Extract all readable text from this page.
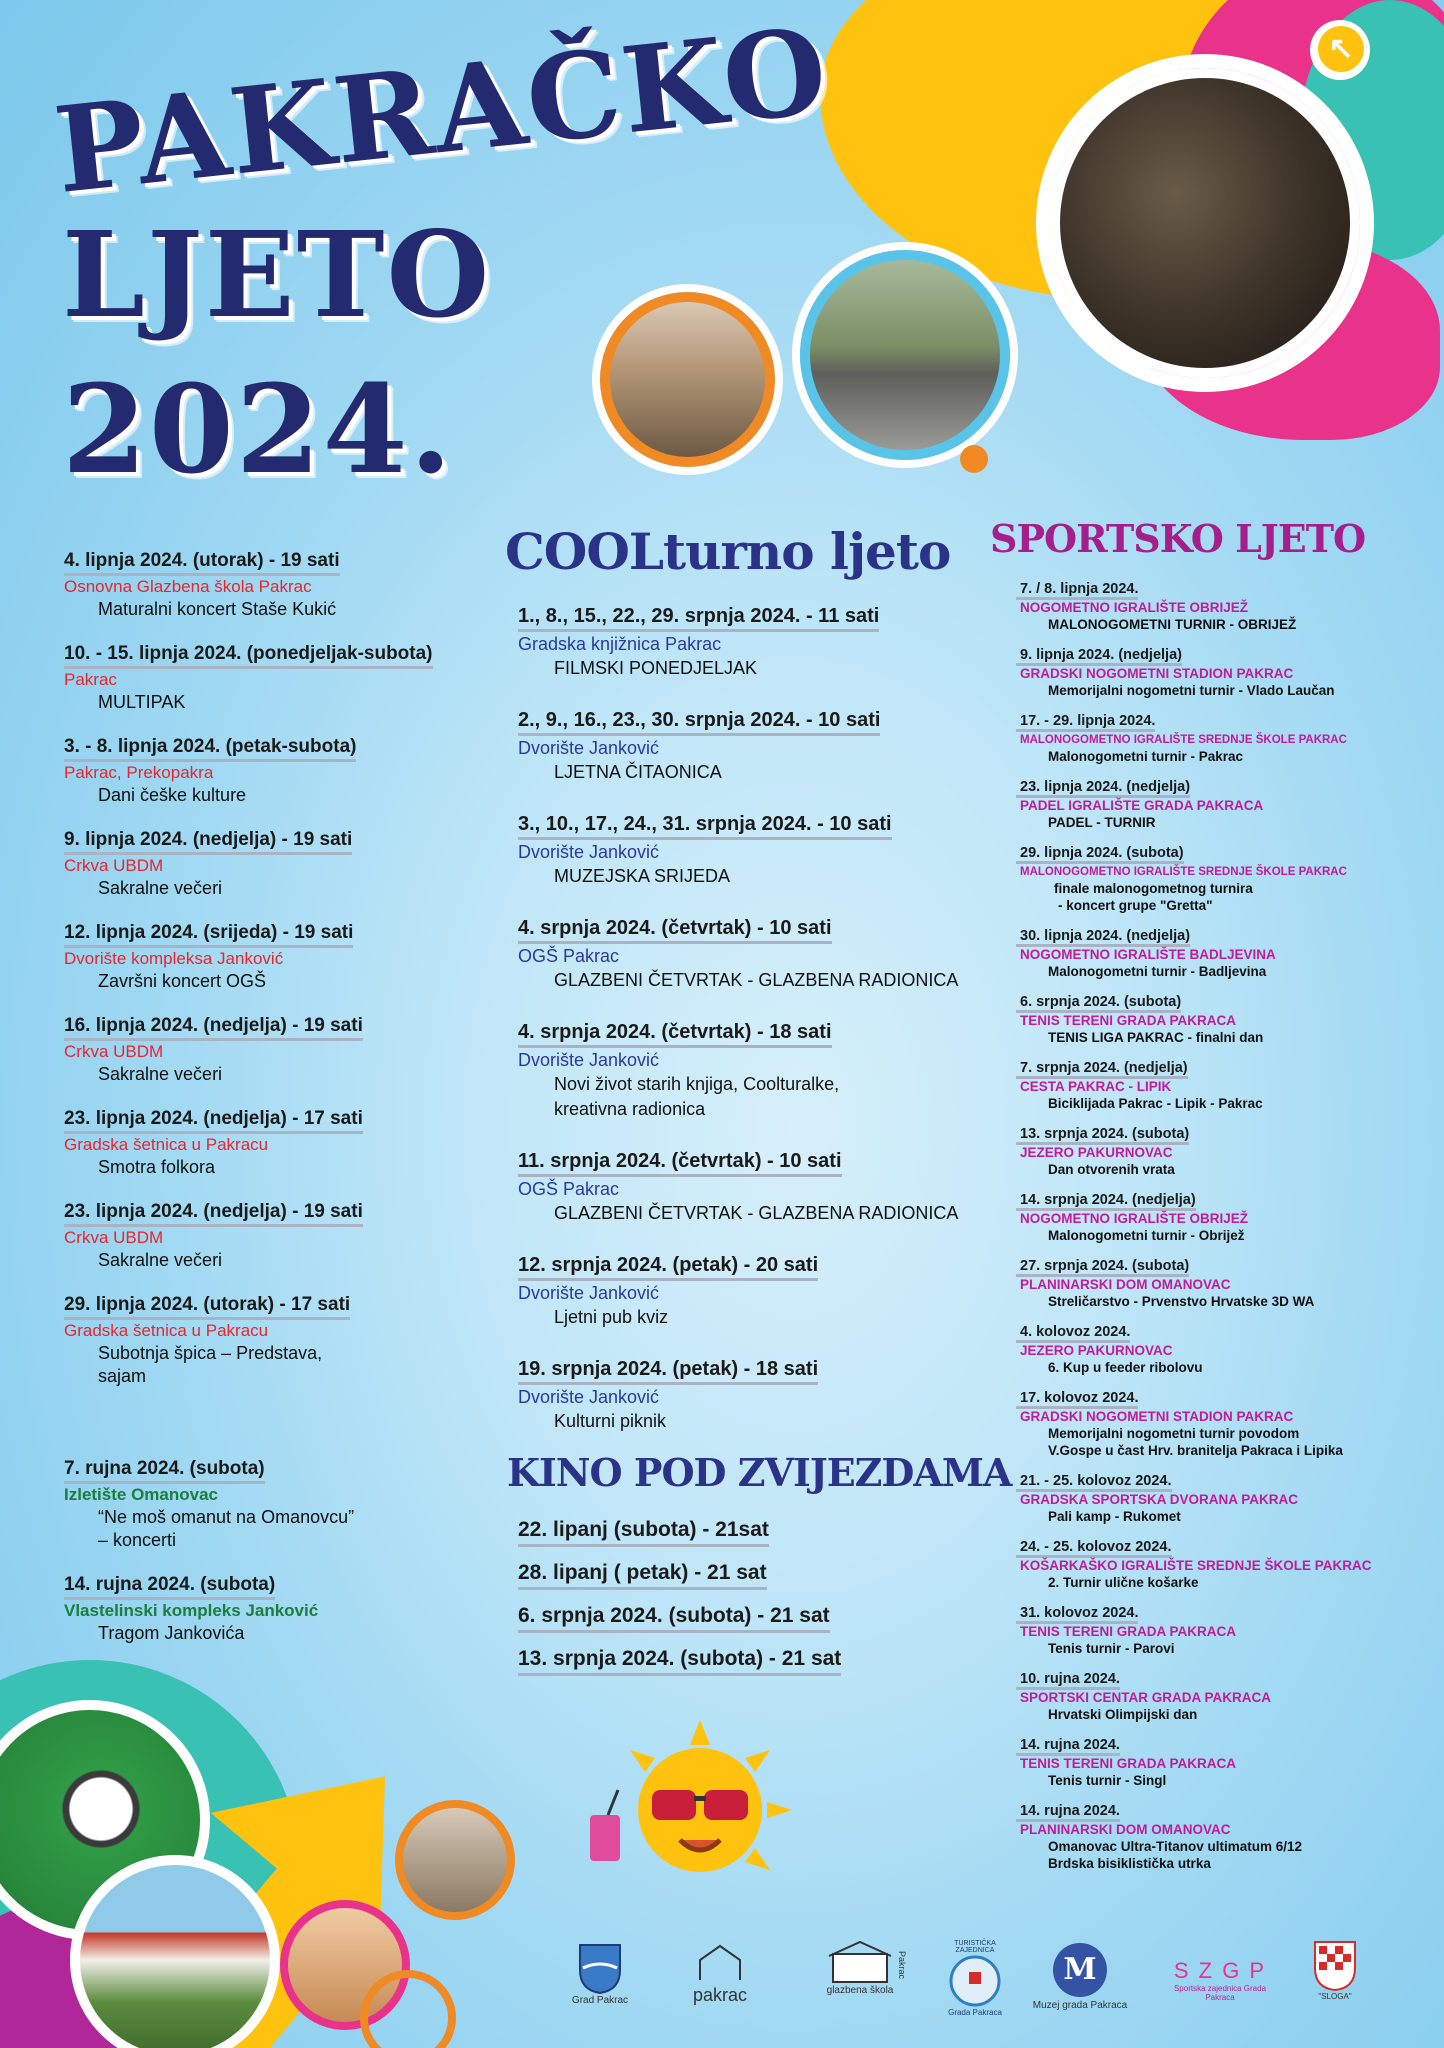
↖
PAKRAČKO
LJETO
2024.
4. lipnja 2024. (utorak) - 19 sati
Osnovna Glazbena škola Pakrac
Maturalni koncert Staše Kukić
10. - 15. lipnja 2024. (ponedjeljak-subota)
Pakrac
MULTIPAK
3. - 8. lipnja 2024. (petak-subota)
Pakrac, Prekopakra
Dani češke kulture
9. lipnja 2024. (nedjelja) - 19 sati
Crkva UBDM
Sakralne večeri
12. lipnja 2024. (srijeda) - 19 sati
Dvorište kompleksa Janković
Završni koncert OGŠ
16. lipnja 2024. (nedjelja) - 19 sati
Crkva UBDM
Sakralne večeri
23. lipnja 2024. (nedjelja) - 17 sati
Gradska šetnica u Pakracu
Smotra folkora
23. lipnja 2024. (nedjelja) - 19 sati
Crkva UBDM
Sakralne večeri
29. lipnja 2024. (utorak) - 17 sati
Gradska šetnica u Pakracu
Subotnja špica – Predstava,
sajam
7. rujna 2024. (subota)
Izletište Omanovac
“Ne moš omanut na Omanovcu”
– koncerti
14. rujna 2024. (subota)
Vlastelinski kompleks Janković
Tragom Jankovića
COOLturno ljeto
1., 8., 15., 22., 29. srpnja 2024. - 11 sati
Gradska knjižnica Pakrac
FILMSKI PONEDJELJAK
2., 9., 16., 23., 30. srpnja 2024. - 10 sati
Dvorište Janković
LJETNA ČITAONICA
3., 10., 17., 24., 31. srpnja 2024. - 10 sati
Dvorište Janković
MUZEJSKA SRIJEDA
4. srpnja 2024. (četvrtak) - 10 sati
OGŠ Pakrac
GLAZBENI ČETVRTAK - GLAZBENA RADIONICA
4. srpnja 2024. (četvrtak) - 18 sati
Dvorište Janković
Novi život starih knjiga, Coolturalke,
kreativna radionica
11. srpnja 2024. (četvrtak) - 10 sati
OGŠ Pakrac
GLAZBENI ČETVRTAK - GLAZBENA RADIONICA
12. srpnja 2024. (petak) - 20 sati
Dvorište Janković
Ljetni pub kviz
19. srpnja 2024. (petak) - 18 sati
Dvorište Janković
Kulturni piknik
KINO POD ZVIJEZDAMA
22. lipanj (subota) - 21sat
28. lipanj ( petak) - 21 sat
6. srpnja 2024. (subota) - 21 sat
13. srpnja 2024. (subota) - 21 sat
SPORTSKO LJETO
7. / 8. lipnja 2024.
NOGOMETNO IGRALIŠTE OBRIJEŽ
MALONOGOMETNI TURNIR - OBRIJEŽ
9. lipnja 2024. (nedjelja)
GRADSKI NOGOMETNI STADION PAKRAC
Memorijalni nogometni turnir - Vlado Laučan
17. - 29. lipnja 2024.
MALONOGOMETNO IGRALIŠTE SREDNJE ŠKOLE PAKRAC
Malonogometni turnir - Pakrac
23. lipnja 2024. (nedjelja)
PADEL IGRALIŠTE GRADA PAKRACA
PADEL - TURNIR
29. lipnja 2024. (subota)
MALONOGOMETNO IGRALIŠTE SREDNJE ŠKOLE PAKRAC
finale malonogometnog turnira
- koncert grupe "Gretta"
30. lipnja 2024. (nedjelja)
NOGOMETNO IGRALIŠTE BADLJEVINA
Malonogometni turnir - Badljevina
6. srpnja 2024. (subota)
TENIS TERENI GRADA PAKRACA
TENIS LIGA PAKRAC - finalni dan
7. srpnja 2024. (nedjelja)
CESTA PAKRAC - LIPIK
Biciklijada Pakrac - Lipik - Pakrac
13. srpnja 2024. (subota)
JEZERO PAKURNOVAC
Dan otvorenih vrata
14. srpnja 2024. (nedjelja)
NOGOMETNO IGRALIŠTE OBRIJEŽ
Malonogometni turnir - Obrijež
27. srpnja 2024. (subota)
PLANINARSKI DOM OMANOVAC
Streličarstvo - Prvenstvo Hrvatske 3D WA
4. kolovoz 2024.
JEZERO PAKURNOVAC
6. Kup u feeder ribolovu
17. kolovoz 2024.
GRADSKI NOGOMETNI STADION PAKRAC
Memorijalni nogometni turnir povodom
V.Gospe u čast Hrv. branitelja Pakraca i Lipika
21. - 25. kolovoz 2024.
GRADSKA SPORTSKA DVORANA PAKRAC
Pali kamp - Rukomet
24. - 25. kolovoz 2024.
KOŠARKAŠKO IGRALIŠTE SREDNJE ŠKOLE PAKRAC
2. Turnir ulične košarke
31. kolovoz 2024.
TENIS TERENI GRADA PAKRACA
Tenis turnir - Parovi
10. rujna 2024.
SPORTSKI CENTAR GRADA PAKRACA
Hrvatski Olimpijski dan
14. rujna 2024.
TENIS TERENI GRADA PAKRACA
Tenis turnir - Singl
14. rujna 2024.
PLANINARSKI DOM OMANOVAC
Omanovac Ultra-Titanov ultimatum 6/12
Brdska bisiklistička utrka
Grad Pakrac	pakrac	glazbena škola
Pakrac
TURISTIČKA ZAJEDNICA
Grada Pakraca
M
Muzej grada Pakraca
S Z G P
Sportska zajednica Grada Pakraca	"SLOGA"
